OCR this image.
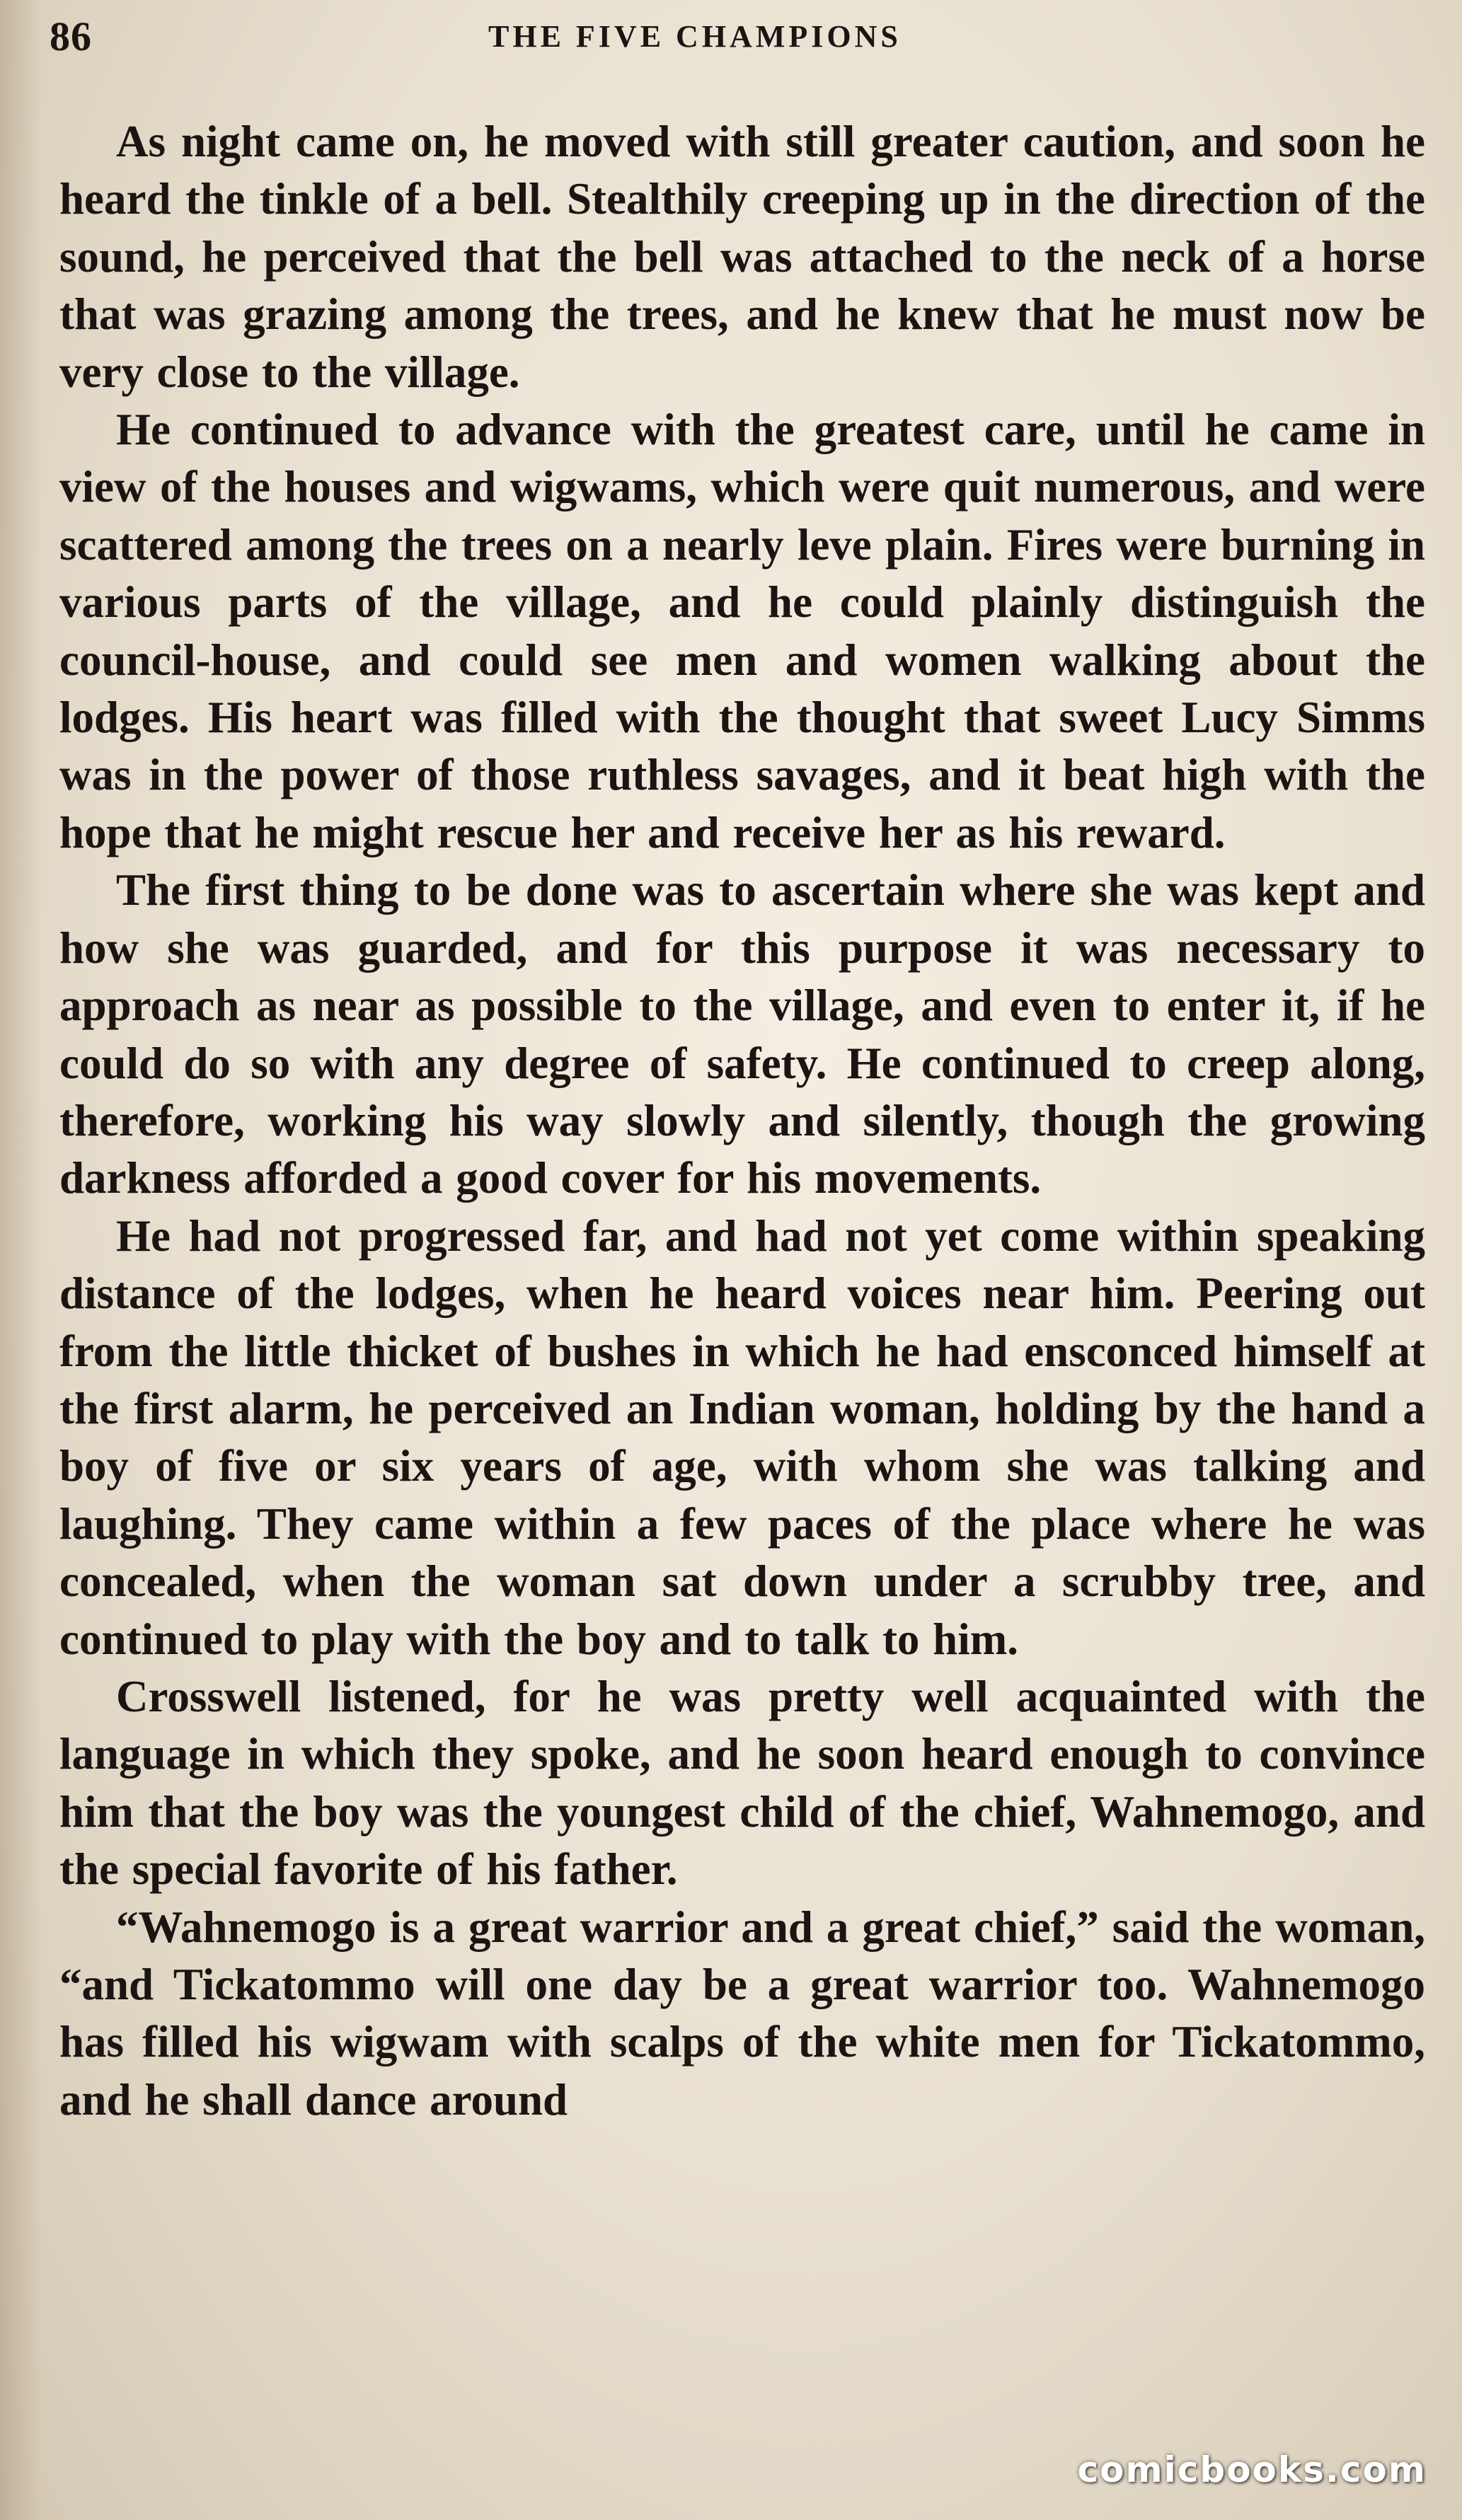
86	THE FIVE CHAMPIONS

As night came on, he moved with still greater caution, and soon he heard the tinkle of a bell. Stealthily creeping up in the direction of the sound, he perceived that the bell was attached to the neck of a horse that was grazing among the trees, and he knew that he must now be very close to the village.

He continued to advance with the greatest care, until he came in view of the houses and wigwams, which were quit numerous, and were scattered among the trees on a nearly leve plain. Fires were burning in various parts of the village, and he could plainly distinguish the council-house, and could see men and women walking about the lodges. His heart was filled with the thought that sweet Lucy Simms was in the power of those ruthless savages, and it beat high with the hope that he might rescue her and receive her as his reward.

The first thing to be done was to ascertain where she was kept and how she was guarded, and for this purpose it was necessary to approach as near as possible to the village, and even to enter it, if he could do so with any degree of safety. He continued to creep along, therefore, working his way slowly and silently, though the growing darkness afforded a good cover for his movements.

He had not progressed far, and had not yet come within speaking distance of the lodges, when he heard voices near him. Peering out from the little thicket of bushes in which he had ensconced himself at the first alarm, he perceived an Indian woman, holding by the hand a boy of five or six years of age, with whom she was talking and laughing. They came within a few paces of the place where he was concealed, when the woman sat down under a scrubby tree, and continued to play with the boy and to talk to him.

Crosswell listened, for he was pretty well acquainted with the language in which they spoke, and he soon heard enough to convince him that the boy was the youngest child of the chief, Wahnemogo, and the special favorite of his father.

“Wahnemogo is a great warrior and a great chief,” said the woman, “and Tickatommo will one day be a great warrior too. Wahnemogo has filled his wigwam with scalps of the white men for Tickatommo, and he shall dance around

comicbooks.com
